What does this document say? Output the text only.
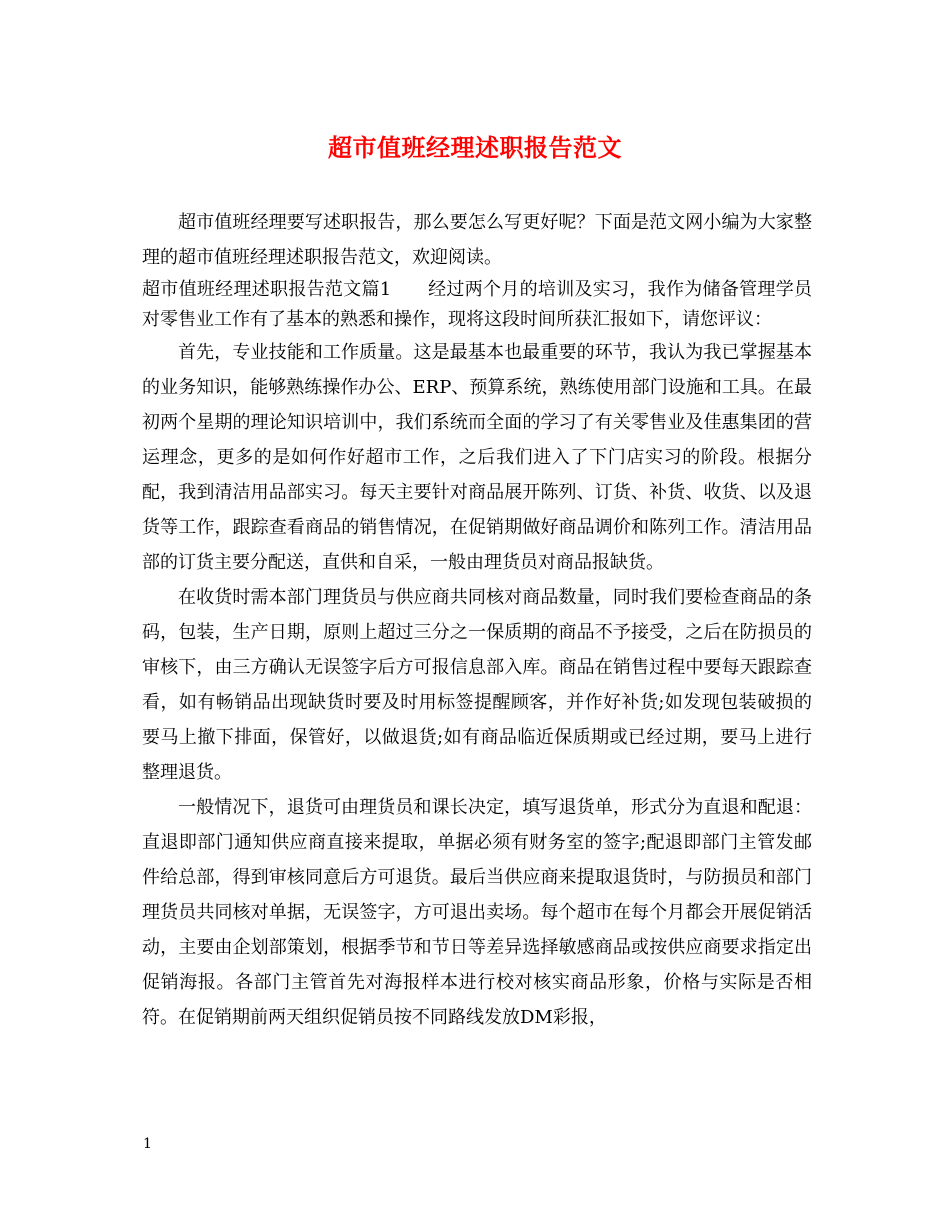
超市值班经理述职报告范文

超市值班经理要写述职报告，那么要怎么写更好呢？下面是范文网小编为大家整理的超市值班经理述职报告范文，欢迎阅读。

超市值班经理述职报告范文篇1　　经过两个月的培训及实习，我作为储备管理学员对零售业工作有了基本的熟悉和操作，现将这段时间所获汇报如下，请您评议：

首先，专业技能和工作质量。这是最基本也最重要的环节，我认为我已掌握基本的业务知识，能够熟练操作办公、ERP、预算系统，熟练使用部门设施和工具。在最初两个星期的理论知识培训中，我们系统而全面的学习了有关零售业及佳惠集团的营运理念，更多的是如何作好超市工作，之后我们进入了下门店实习的阶段。根据分配，我到清洁用品部实习。每天主要针对商品展开陈列、订货、补货、收货、以及退货等工作，跟踪查看商品的销售情况，在促销期做好商品调价和陈列工作。清洁用品部的订货主要分配送，直供和自采，一般由理货员对商品报缺货。

在收货时需本部门理货员与供应商共同核对商品数量，同时我们要检查商品的条码，包装，生产日期，原则上超过三分之一保质期的商品不予接受，之后在防损员的审核下，由三方确认无误签字后方可报信息部入库。商品在销售过程中要每天跟踪查看，如有畅销品出现缺货时要及时用标签提醒顾客，并作好补货;如发现包装破损的要马上撤下排面，保管好，以做退货;如有商品临近保质期或已经过期，要马上进行整理退货。

一般情况下，退货可由理货员和课长决定，填写退货单，形式分为直退和配退：直退即部门通知供应商直接来提取，单据必须有财务室的签字;配退即部门主管发邮件给总部，得到审核同意后方可退货。最后当供应商来提取退货时，与防损员和部门理货员共同核对单据，无误签字，方可退出卖场。每个超市在每个月都会开展促销活动，主要由企划部策划，根据季节和节日等差异选择敏感商品或按供应商要求指定出促销海报。各部门主管首先对海报样本进行校对核实商品形象，价格与实际是否相符。在促销期前两天组织促销员按不同路线发放DM彩报，

1
